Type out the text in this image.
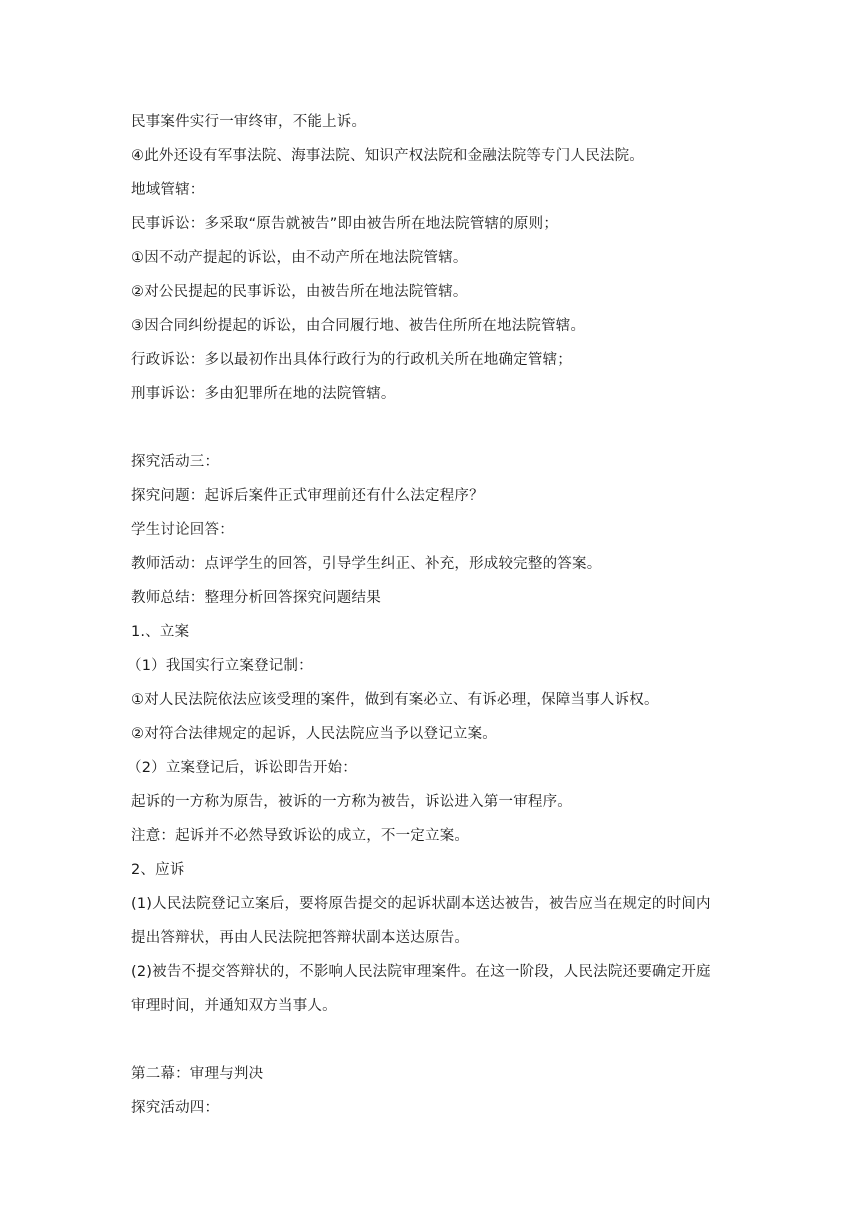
民事案件实行一审终审，不能上诉。
④此外还设有军事法院、海事法院、知识产权法院和金融法院等专门人民法院。
地域管辖：
民事诉讼：多采取“原告就被告”即由被告所在地法院管辖的原则；
①因不动产提起的诉讼，由不动产所在地法院管辖。
②对公民提起的民事诉讼，由被告所在地法院管辖。
③因合同纠纷提起的诉讼，由合同履行地、被告住所所在地法院管辖。
行政诉讼：多以最初作出具体行政行为的行政机关所在地确定管辖；
刑事诉讼：多由犯罪所在地的法院管辖。
探究活动三：
探究问题：起诉后案件正式审理前还有什么法定程序？
学生讨论回答：
教师活动：点评学生的回答，引导学生纠正、补充，形成较完整的答案。
教师总结：整理分析回答探究问题结果
1.、立案
（1）我国实行立案登记制：
①对人民法院依法应该受理的案件，做到有案必立、有诉必理，保障当事人诉权。
②对符合法律规定的起诉，人民法院应当予以登记立案。
（2）立案登记后，诉讼即告开始：
起诉的一方称为原告，被诉的一方称为被告，诉讼进入第一审程序。
注意：起诉并不必然导致诉讼的成立，不一定立案。
2、应诉
(1)人民法院登记立案后，要将原告提交的起诉状副本送达被告，被告应当在规定的时间内
提出答辩状，再由人民法院把答辩状副本送达原告。
(2)被告不提交答辩状的，不影响人民法院审理案件。在这一阶段，人民法院还要确定开庭
审理时间，并通知双方当事人。
第二幕：审理与判决
探究活动四：
